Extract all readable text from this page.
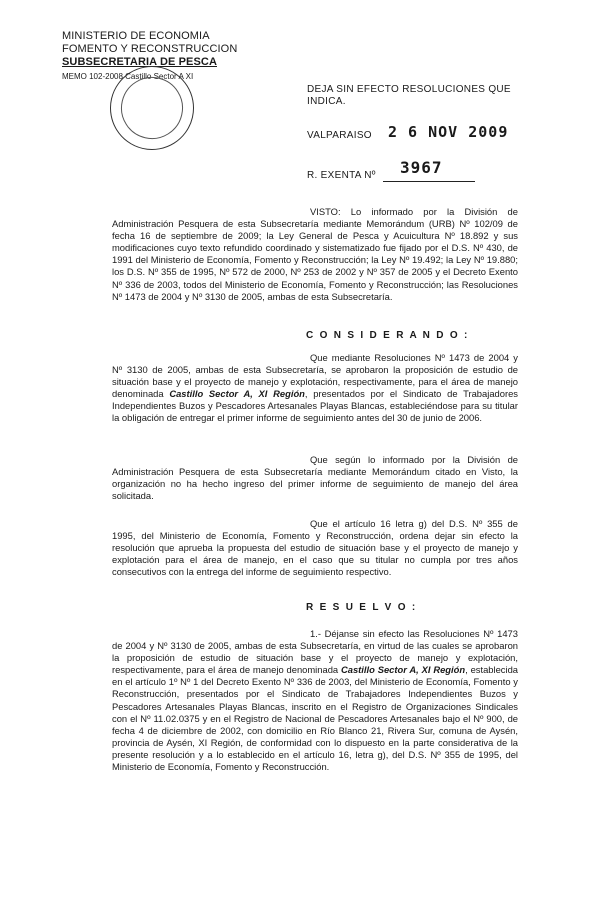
MINISTERIO DE ECONOMIA
FOMENTO Y RECONSTRUCCION
SUBSECRETARIA DE PESCA
MEMO 102-2008 Castillo Sector A XI
DEJA SIN EFECTO RESOLUCIONES QUE
INDICA.
VALPARAISO 2 6 NOV 2009
R. EXENTA Nº 3967

VISTO: Lo informado por la División de Administración Pesquera de esta Subsecretaría mediante Memorándum (URB) Nº 102/09 de fecha 16 de septiembre de 2009; la Ley General de Pesca y Acuicultura Nº 18.892 y sus modificaciones cuyo texto refundido coordinado y sistematizado fue fijado por el D.S. Nº 430, de 1991 del Ministerio de Economía, Fomento y Reconstrucción; la Ley Nº 19.492; la Ley Nº 19.880; los D.S. Nº 355 de 1995, Nº 572 de 2000, Nº 253 de 2002 y Nº 357 de 2005 y el Decreto Exento Nº 336 de 2003, todos del Ministerio de Economía, Fomento y Reconstrucción; las Resoluciones Nº 1473 de 2004 y Nº 3130 de 2005, ambas de esta Subsecretaría.

C O N S I D E R A N D O :

Que mediante Resoluciones Nº 1473 de 2004 y Nº 3130 de 2005, ambas de esta Subsecretaría, se aprobaron la proposición de estudio de situación base y el proyecto de manejo y explotación, respectivamente, para el área de manejo denominada Castillo Sector A, XI Región, presentados por el Sindicato de Trabajadores Independientes Buzos y Pescadores Artesanales Playas Blancas, estableciéndose para su titular la obligación de entregar el primer informe de seguimiento antes del 30 de junio de 2006.

Que según lo informado por la División de Administración Pesquera de esta Subsecretaría mediante Memorándum citado en Visto, la organización no ha hecho ingreso del primer informe de seguimiento de manejo del área solicitada.

Que el artículo 16 letra g) del D.S. Nº 355 de 1995, del Ministerio de Economía, Fomento y Reconstrucción, ordena dejar sin efecto la resolución que aprueba la propuesta del estudio de situación base y el proyecto de manejo y explotación para el área de manejo, en el caso que su titular no cumpla por tres años consecutivos con la entrega del informe de seguimiento respectivo.

R E S U E L V O :

1.- Déjanse sin efecto las Resoluciones Nº 1473 de 2004 y Nº 3130 de 2005, ambas de esta Subsecretaría, en virtud de las cuales se aprobaron la proposición de estudio de situación base y el proyecto de manejo y explotación, respectivamente, para el área de manejo denominada Castillo Sector A, XI Región, establecida en el artículo 1º Nº 1 del Decreto Exento Nº 336 de 2003, del Ministerio de Economía, Fomento y Reconstrucción, presentados por el Sindicato de Trabajadores Independientes Buzos y Pescadores Artesanales Playas Blancas, inscrito en el Registro de Organizaciones Sindicales con el Nº 11.02.0375 y en el Registro de Nacional de Pescadores Artesanales bajo el Nº 900, de fecha 4 de diciembre de 2002, con domicilio en Río Blanco 21, Rivera Sur, comuna de Aysén, provincia de Aysén, XI Región, de conformidad con lo dispuesto en la parte considerativa de la presente resolución y a lo establecido en el artículo 16, letra g), del D.S. Nº 355 de 1995, del Ministerio de Economía, Fomento y Reconstrucción.
